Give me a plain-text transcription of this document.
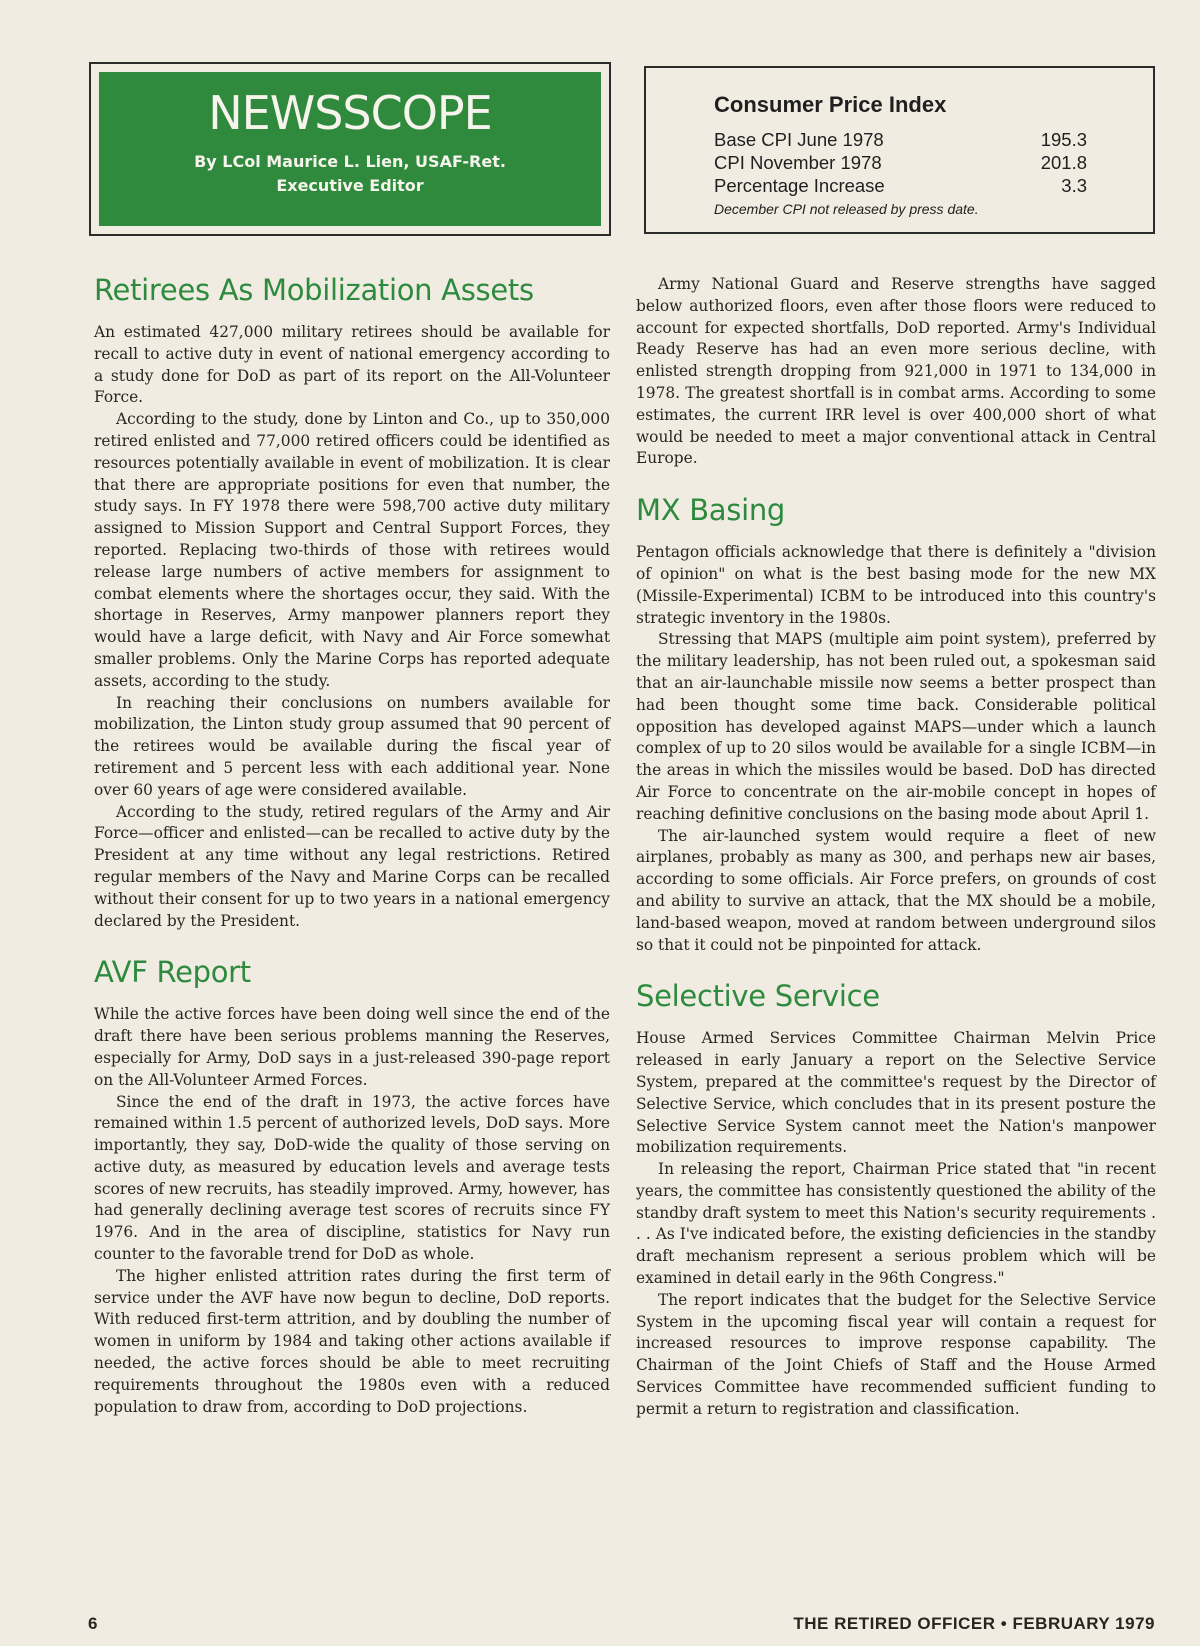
NEWSSCOPE
By LCol Maurice L. Lien, USAF-Ret.
Executive Editor
Consumer Price Index
Base CPI June 1978	195.3
CPI November 1978	201.8
Percentage Increase	3.3
December CPI not released by press date.
Retirees As Mobilization Assets

An estimated 427,000 military retirees should be available for recall to active duty in event of national emergency according to a study done for DoD as part of its report on the All-Volunteer Force.

According to the study, done by Linton and Co., up to 350,000 retired enlisted and 77,000 retired officers could be identified as resources potentially available in event of mobilization. It is clear that there are appropriate positions for even that number, the study says. In FY 1978 there were 598,700 active duty military assigned to Mission Support and Central Support Forces, they reported. Replacing two-thirds of those with retirees would release large numbers of active members for assignment to combat elements where the shortages occur, they said. With the shortage in Reserves, Army manpower planners report they would have a large deficit, with Navy and Air Force somewhat smaller problems. Only the Marine Corps has reported adequate assets, according to the study.

In reaching their conclusions on numbers available for mobilization, the Linton study group assumed that 90 percent of the retirees would be available during the fiscal year of retirement and 5 percent less with each additional year. None over 60 years of age were considered available.

According to the study, retired regulars of the Army and Air Force—officer and enlisted—can be recalled to active duty by the President at any time without any legal restrictions. Retired regular members of the Navy and Marine Corps can be recalled without their consent for up to two years in a national emergency declared by the President.

AVF Report

While the active forces have been doing well since the end of the draft there have been serious problems manning the Reserves, especially for Army, DoD says in a just-released 390-page report on the All-Volunteer Armed Forces.

Since the end of the draft in 1973, the active forces have remained within 1.5 percent of authorized levels, DoD says. More importantly, they say, DoD-wide the quality of those serving on active duty, as measured by education levels and average tests scores of new recruits, has steadily improved. Army, however, has had generally declining average test scores of recruits since FY 1976. And in the area of discipline, statistics for Navy run counter to the favorable trend for DoD as whole.

The higher enlisted attrition rates during the first term of service under the AVF have now begun to decline, DoD reports. With reduced first-term attrition, and by doubling the number of women in uniform by 1984 and taking other actions available if needed, the active forces should be able to meet recruiting requirements throughout the 1980s even with a reduced population to draw from, according to DoD projections.

Army National Guard and Reserve strengths have sagged below authorized floors, even after those floors were reduced to account for expected shortfalls, DoD reported. Army's Individual Ready Reserve has had an even more serious decline, with enlisted strength dropping from 921,000 in 1971 to 134,000 in 1978. The greatest shortfall is in combat arms. According to some estimates, the current IRR level is over 400,000 short of what would be needed to meet a major conventional attack in Central Europe.

MX Basing

Pentagon officials acknowledge that there is definitely a "division of opinion" on what is the best basing mode for the new MX (Missile-Experimental) ICBM to be introduced into this country's strategic inventory in the 1980s.

Stressing that MAPS (multiple aim point system), preferred by the military leadership, has not been ruled out, a spokesman said that an air-launchable missile now seems a better prospect than had been thought some time back. Considerable political opposition has developed against MAPS—under which a launch complex of up to 20 silos would be available for a single ICBM—in the areas in which the missiles would be based. DoD has directed Air Force to concentrate on the air-mobile concept in hopes of reaching definitive conclusions on the basing mode about April 1.

The air-launched system would require a fleet of new airplanes, probably as many as 300, and perhaps new air bases, according to some officials. Air Force prefers, on grounds of cost and ability to survive an attack, that the MX should be a mobile, land-based weapon, moved at random between underground silos so that it could not be pinpointed for attack.

Selective Service

House Armed Services Committee Chairman Melvin Price released in early January a report on the Selective Service System, prepared at the committee's request by the Director of Selective Service, which concludes that in its present posture the Selective Service System cannot meet the Nation's manpower mobilization requirements.

In releasing the report, Chairman Price stated that "in recent years, the committee has consistently questioned the ability of the standby draft system to meet this Nation's security requirements . . . As I've indicated before, the existing deficiencies in the standby draft mechanism represent a serious problem which will be examined in detail early in the 96th Congress."

The report indicates that the budget for the Selective Service System in the upcoming fiscal year will contain a request for increased resources to improve response capability. The Chairman of the Joint Chiefs of Staff and the House Armed Services Committee have recommended sufficient funding to permit a return to registration and classification.

6	THE RETIRED OFFICER • FEBRUARY 1979
